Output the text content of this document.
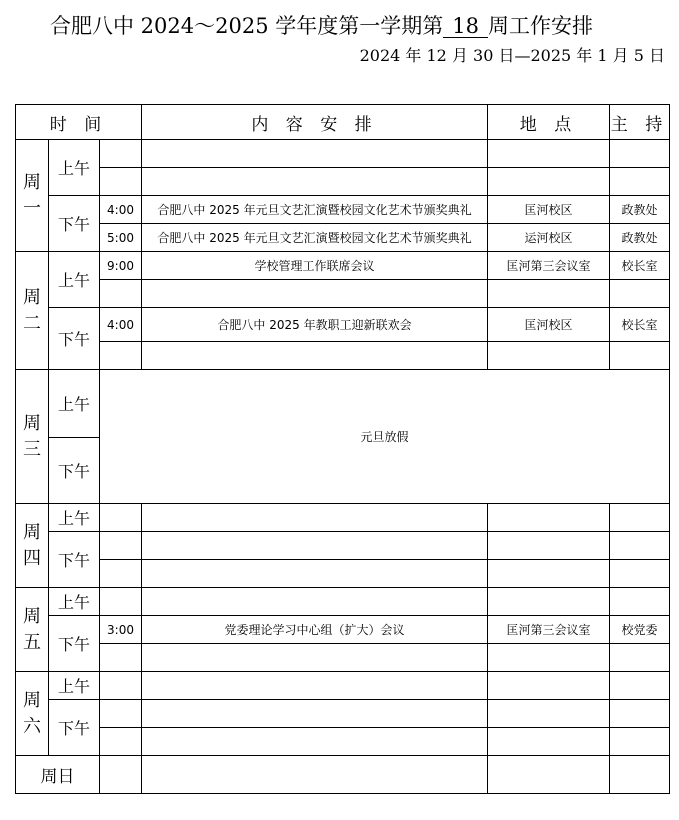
合肥八中 2024～2025 学年度第一学期第 18 周工作安排
2024 年 12 月 30 日—2025 年 1 月 5 日
时 间			内 容 安 排	地 点	主 持

周
一	上午				

	下午	4:00	合肥八中 2025 年元旦文艺汇演暨校园文化艺术节颁奖典礼	匡河校区	政教处
		5:00	合肥八中 2025 年元旦文艺汇演暨校园文化艺术节颁奖典礼	运河校区	政教处

周
二	上午	9:00	学校管理工作联席会议	匡河第三会议室	校长室

	下午	4:00	合肥八中 2025 年教职工迎新联欢会	匡河校区	校长室

周
三	上午	元旦放假			
	下午				

周
四	上午				
	下午				

周
五	上午				
	下午	3:00	党委理论学习中心组（扩大）会议	匡河第三会议室	校党委

周
六	上午				
	下午				

周日					
